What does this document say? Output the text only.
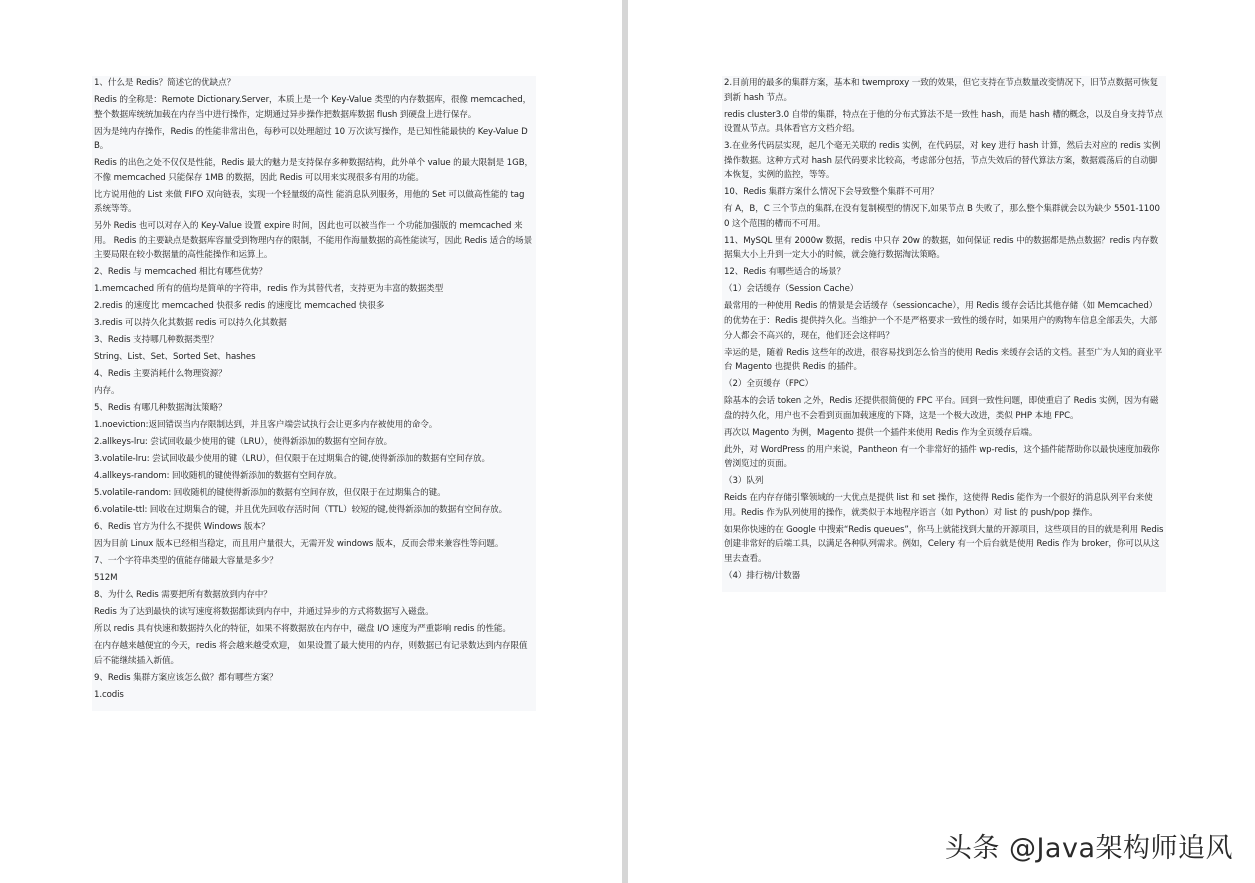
1、什么是 Redis？简述它的优缺点？

Redis 的全称是：Remote Dictionary.Server，本质上是一个 Key-Value 类型的内存数据库，很像 memcached，整个数据库统统加载在内存当中进行操作，定期通过异步操作把数据库数据 flush 到硬盘上进行保存。

因为是纯内存操作，Redis 的性能非常出色，每秒可以处理超过 10 万次读写操作，是已知性能最快的 Key-Value DB。

Redis 的出色之处不仅仅是性能，Redis 最大的魅力是支持保存多种数据结构，此外单个 value 的最大限制是 1GB，不像 memcached 只能保存 1MB 的数据，因此 Redis 可以用来实现很多有用的功能。

比方说用他的 List 来做 FIFO 双向链表，实现一个轻量级的高性 能消息队列服务，用他的 Set 可以做高性能的 tag 系统等等。

另外 Redis 也可以对存入的 Key-Value 设置 expire 时间，因此也可以被当作一 个功能加强版的 memcached 来用。 Redis 的主要缺点是数据库容量受到物理内存的限制，不能用作海量数据的高性能读写，因此 Redis 适合的场景主要局限在较小数据量的高性能操作和运算上。

2、Redis 与 memcached 相比有哪些优势？

1.memcached 所有的值均是简单的字符串，redis 作为其替代者，支持更为丰富的数据类型

2.redis 的速度比 memcached 快很多 redis 的速度比 memcached 快很多

3.redis 可以持久化其数据 redis 可以持久化其数据

3、Redis 支持哪几种数据类型？

String、List、Set、Sorted Set、hashes

4、Redis 主要消耗什么物理资源？

内存。

5、Redis 有哪几种数据淘汰策略？

1.noeviction:返回错误当内存限制达到，并且客户端尝试执行会让更多内存被使用的命令。

2.allkeys-lru: 尝试回收最少使用的键（LRU），使得新添加的数据有空间存放。

3.volatile-lru: 尝试回收最少使用的键（LRU），但仅限于在过期集合的键,使得新添加的数据有空间存放。

4.allkeys-random: 回收随机的键使得新添加的数据有空间存放。

5.volatile-random: 回收随机的键使得新添加的数据有空间存放，但仅限于在过期集合的键。

6.volatile-ttl: 回收在过期集合的键，并且优先回收存活时间（TTL）较短的键,使得新添加的数据有空间存放。

6、Redis 官方为什么不提供 Windows 版本？

因为目前 Linux 版本已经相当稳定，而且用户量很大，无需开发 windows 版本，反而会带来兼容性等问题。

7、一个字符串类型的值能存储最大容量是多少？

512M

8、为什么 Redis 需要把所有数据放到内存中？

Redis 为了达到最快的读写速度将数据都读到内存中，并通过异步的方式将数据写入磁盘。

所以 redis 具有快速和数据持久化的特征，如果不将数据放在内存中，磁盘 I/O 速度为严重影响 redis 的性能。

在内存越来越便宜的今天，redis 将会越来越受欢迎， 如果设置了最大使用的内存，则数据已有记录数达到内存限值后不能继续插入新值。

9、Redis 集群方案应该怎么做？都有哪些方案？

1.codis

2.目前用的最多的集群方案，基本和 twemproxy 一致的效果，但它支持在节点数量改变情况下，旧节点数据可恢复到新 hash 节点。

redis cluster3.0 自带的集群，特点在于他的分布式算法不是一致性 hash，而是 hash 槽的概念，以及自身支持节点设置从节点。具体看官方文档介绍。

3.在业务代码层实现，起几个毫无关联的 redis 实例，在代码层，对 key 进行 hash 计算，然后去对应的 redis 实例操作数据。这种方式对 hash 层代码要求比较高，考虑部分包括，节点失效后的替代算法方案，数据震荡后的自动脚本恢复，实例的监控，等等。

10、Redis 集群方案什么情况下会导致整个集群不可用？

有 A，B，C 三个节点的集群,在没有复制模型的情况下,如果节点 B 失败了，那么整个集群就会以为缺少 5501-11000 这个范围的槽而不可用。

11、MySQL 里有 2000w 数据，redis 中只存 20w 的数据，如何保证 redis 中的数据都是热点数据？redis 内存数据集大小上升到一定大小的时候，就会施行数据淘汰策略。

12、Redis 有哪些适合的场景？

（1）会话缓存（Session Cache）

最常用的一种使用 Redis 的情景是会话缓存（sessioncache），用 Redis 缓存会话比其他存储（如 Memcached）的优势在于：Redis 提供持久化。当维护一个不是严格要求一致性的缓存时，如果用户的购物车信息全部丢失，大部分人都会不高兴的，现在，他们还会这样吗？

幸运的是，随着 Redis 这些年的改进，很容易找到怎么恰当的使用 Redis 来缓存会话的文档。甚至广为人知的商业平台 Magento 也提供 Redis 的插件。

（2）全页缓存（FPC）

除基本的会话 token 之外，Redis 还提供很简便的 FPC 平台。回到一致性问题，即使重启了 Redis 实例，因为有磁盘的持久化，用户也不会看到页面加载速度的下降，这是一个极大改进，类似 PHP 本地 FPC。

再次以 Magento 为例，Magento 提供一个插件来使用 Redis 作为全页缓存后端。

此外，对 WordPress 的用户来说，Pantheon 有一个非常好的插件 wp-redis，这个插件能帮助你以最快速度加载你曾浏览过的页面。

（3）队列

Reids 在内存存储引擎领域的一大优点是提供 list 和 set 操作，这使得 Redis 能作为一个很好的消息队列平台来使用。Redis 作为队列使用的操作，就类似于本地程序语言（如 Python）对 list 的 push/pop 操作。

如果你快速的在 Google 中搜索“Redis queues”，你马上就能找到大量的开源项目，这些项目的目的就是利用 Redis 创建非常好的后端工具，以满足各种队列需求。例如，Celery 有一个后台就是使用 Redis 作为 broker，你可以从这里去查看。

（4）排行榜/计数器

头条 @Java架构师追风
